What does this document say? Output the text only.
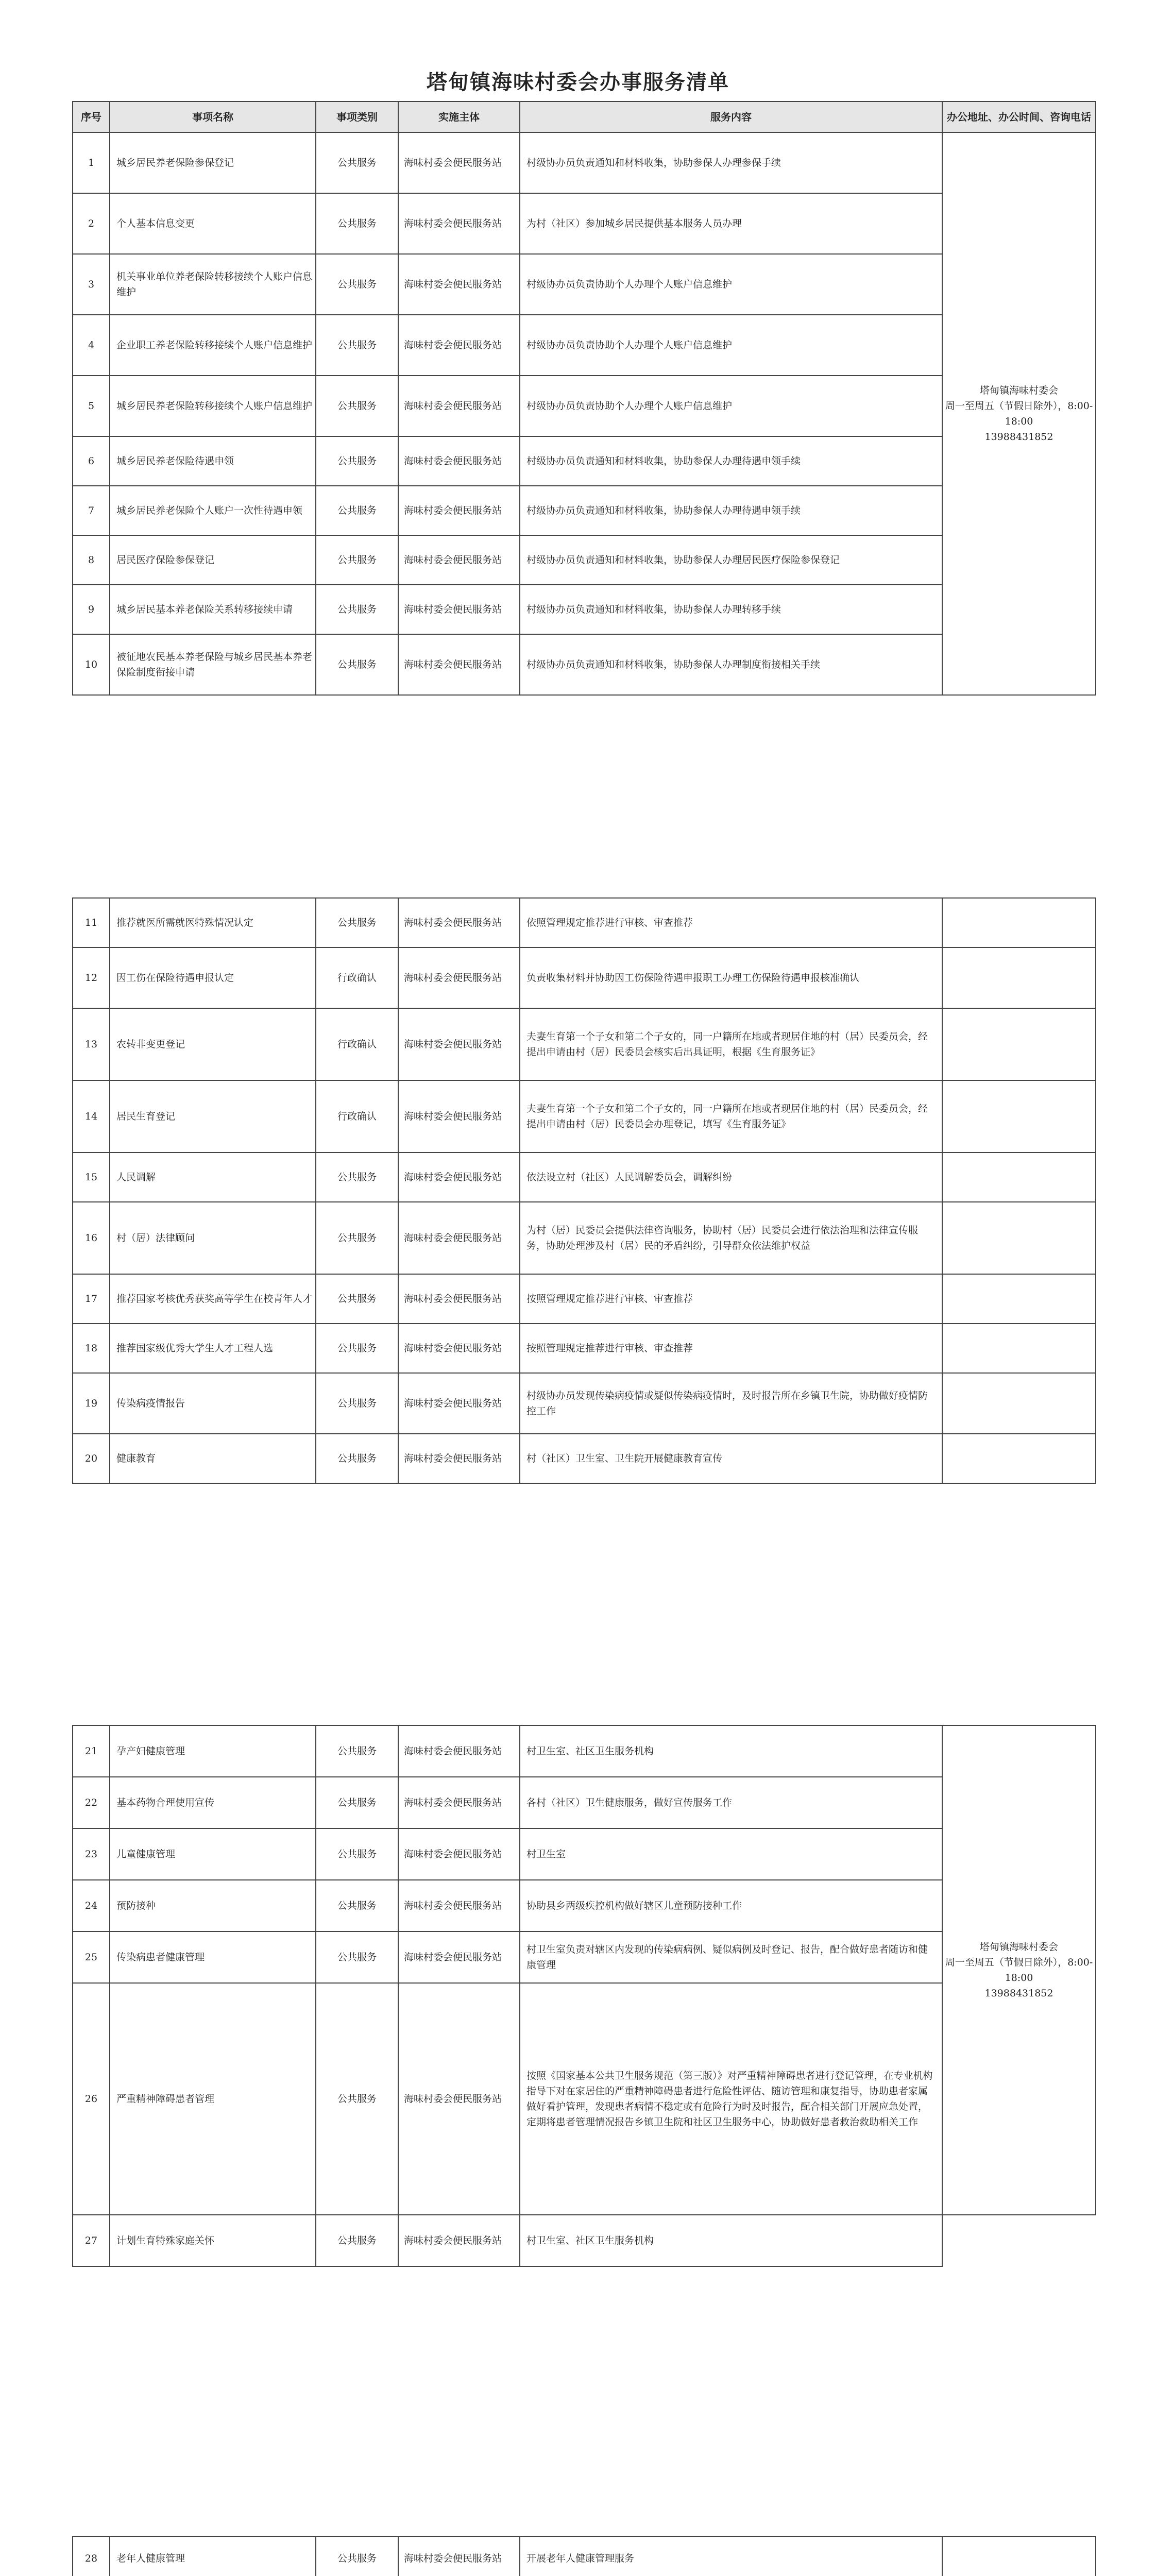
塔甸镇海味村委会办事服务清单
序号	事项名称	事项类别	实施主体	服务内容	办公地址、办公时间、咨询电话
1	城乡居民养老保险参保登记	公共服务	海味村委会便民服务站	村级协办员负责通知和材料收集，协助参保人办理参保手续	塔甸镇海味村委会
周一至周五（节假日除外），8:00-18:00
13988431852
2	个人基本信息变更	公共服务	海味村委会便民服务站	为村（社区）参加城乡居民提供基本服务人员办理	
3	机关事业单位养老保险转移接续个人账户信息维护	公共服务	海味村委会便民服务站	村级协办员负责协助个人办理个人账户信息维护	
4	企业职工养老保险转移接续个人账户信息维护	公共服务	海味村委会便民服务站	村级协办员负责协助个人办理个人账户信息维护	
5	城乡居民养老保险转移接续个人账户信息维护	公共服务	海味村委会便民服务站	村级协办员负责协助个人办理个人账户信息维护	
6	城乡居民养老保险待遇申领	公共服务	海味村委会便民服务站	村级协办员负责通知和材料收集，协助参保人办理待遇申领手续	
7	城乡居民养老保险个人账户一次性待遇申领	公共服务	海味村委会便民服务站	村级协办员负责通知和材料收集，协助参保人办理待遇申领手续	
8	居民医疗保险参保登记	公共服务	海味村委会便民服务站	村级协办员负责通知和材料收集，协助参保人办理居民医疗保险参保登记	
9	城乡居民基本养老保险关系转移接续申请	公共服务	海味村委会便民服务站	村级协办员负责通知和材料收集，协助参保人办理转移手续	
10	被征地农民基本养老保险与城乡居民基本养老保险制度衔接申请	公共服务	海味村委会便民服务站	村级协办员负责通知和材料收集，协助参保人办理制度衔接相关手续	
11	推荐就医所需就医特殊情况认定	公共服务	海味村委会便民服务站	依照管理规定推荐进行审核、审查推荐	
12	因工伤在保险待遇申报认定	行政确认	海味村委会便民服务站	负责收集材料并协助因工伤保险待遇申报职工办理工伤保险待遇申报核准确认	
13	农转非变更登记	行政确认	海味村委会便民服务站	夫妻生育第一个子女和第二个子女的，同一户籍所在地或者现居住地的村（居）民委员会，经提出申请由村（居）民委员会核实后出具证明，根据《生育服务证》	
14	居民生育登记	行政确认	海味村委会便民服务站	夫妻生育第一个子女和第二个子女的，同一户籍所在地或者现居住地的村（居）民委员会，经提出申请由村（居）民委员会办理登记，填写《生育服务证》	
15	人民调解	公共服务	海味村委会便民服务站	依法设立村（社区）人民调解委员会，调解纠纷	
16	村（居）法律顾问	公共服务	海味村委会便民服务站	为村（居）民委员会提供法律咨询服务，协助村（居）民委员会进行依法治理和法律宣传服务，协助处理涉及村（居）民的矛盾纠纷，引导群众依法维护权益	
17	推荐国家考核优秀获奖高等学生在校青年人才	公共服务	海味村委会便民服务站	按照管理规定推荐进行审核、审查推荐	
18	推荐国家级优秀大学生人才工程人选	公共服务	海味村委会便民服务站	按照管理规定推荐进行审核、审查推荐	
19	传染病疫情报告	公共服务	海味村委会便民服务站	村级协办员发现传染病疫情或疑似传染病疫情时，及时报告所在乡镇卫生院，协助做好疫情防控工作	
20	健康教育	公共服务	海味村委会便民服务站	村（社区）卫生室、卫生院开展健康教育宣传	
21	孕产妇健康管理	公共服务	海味村委会便民服务站	村卫生室、社区卫生服务机构	塔甸镇海味村委会
周一至周五（节假日除外），8:00-18:00
13988431852
22	基本药物合理使用宣传	公共服务	海味村委会便民服务站	各村（社区）卫生健康服务，做好宣传服务工作	
23	儿童健康管理	公共服务	海味村委会便民服务站	村卫生室	
24	预防接种	公共服务	海味村委会便民服务站	协助县乡两级疾控机构做好辖区儿童预防接种工作	
25	传染病患者健康管理	公共服务	海味村委会便民服务站	村卫生室负责对辖区内发现的传染病病例、疑似病例及时登记、报告，配合做好患者随访和健康管理	
26	严重精神障碍患者管理	公共服务	海味村委会便民服务站	按照《国家基本公共卫生服务规范（第三版）》对严重精神障碍患者进行登记管理，在专业机构指导下对在家居住的严重精神障碍患者进行危险性评估、随访管理和康复指导，协助患者家属做好看护管理，发现患者病情不稳定或有危险行为时及时报告，配合相关部门开展应急处置，定期将患者管理情况报告乡镇卫生院和社区卫生服务中心，协助做好患者救治救助相关工作	
27	计划生育特殊家庭关怀	公共服务	海味村委会便民服务站	村卫生室、社区卫生服务机构	
28	老年人健康管理	公共服务	海味村委会便民服务站	开展老年人健康管理服务	
